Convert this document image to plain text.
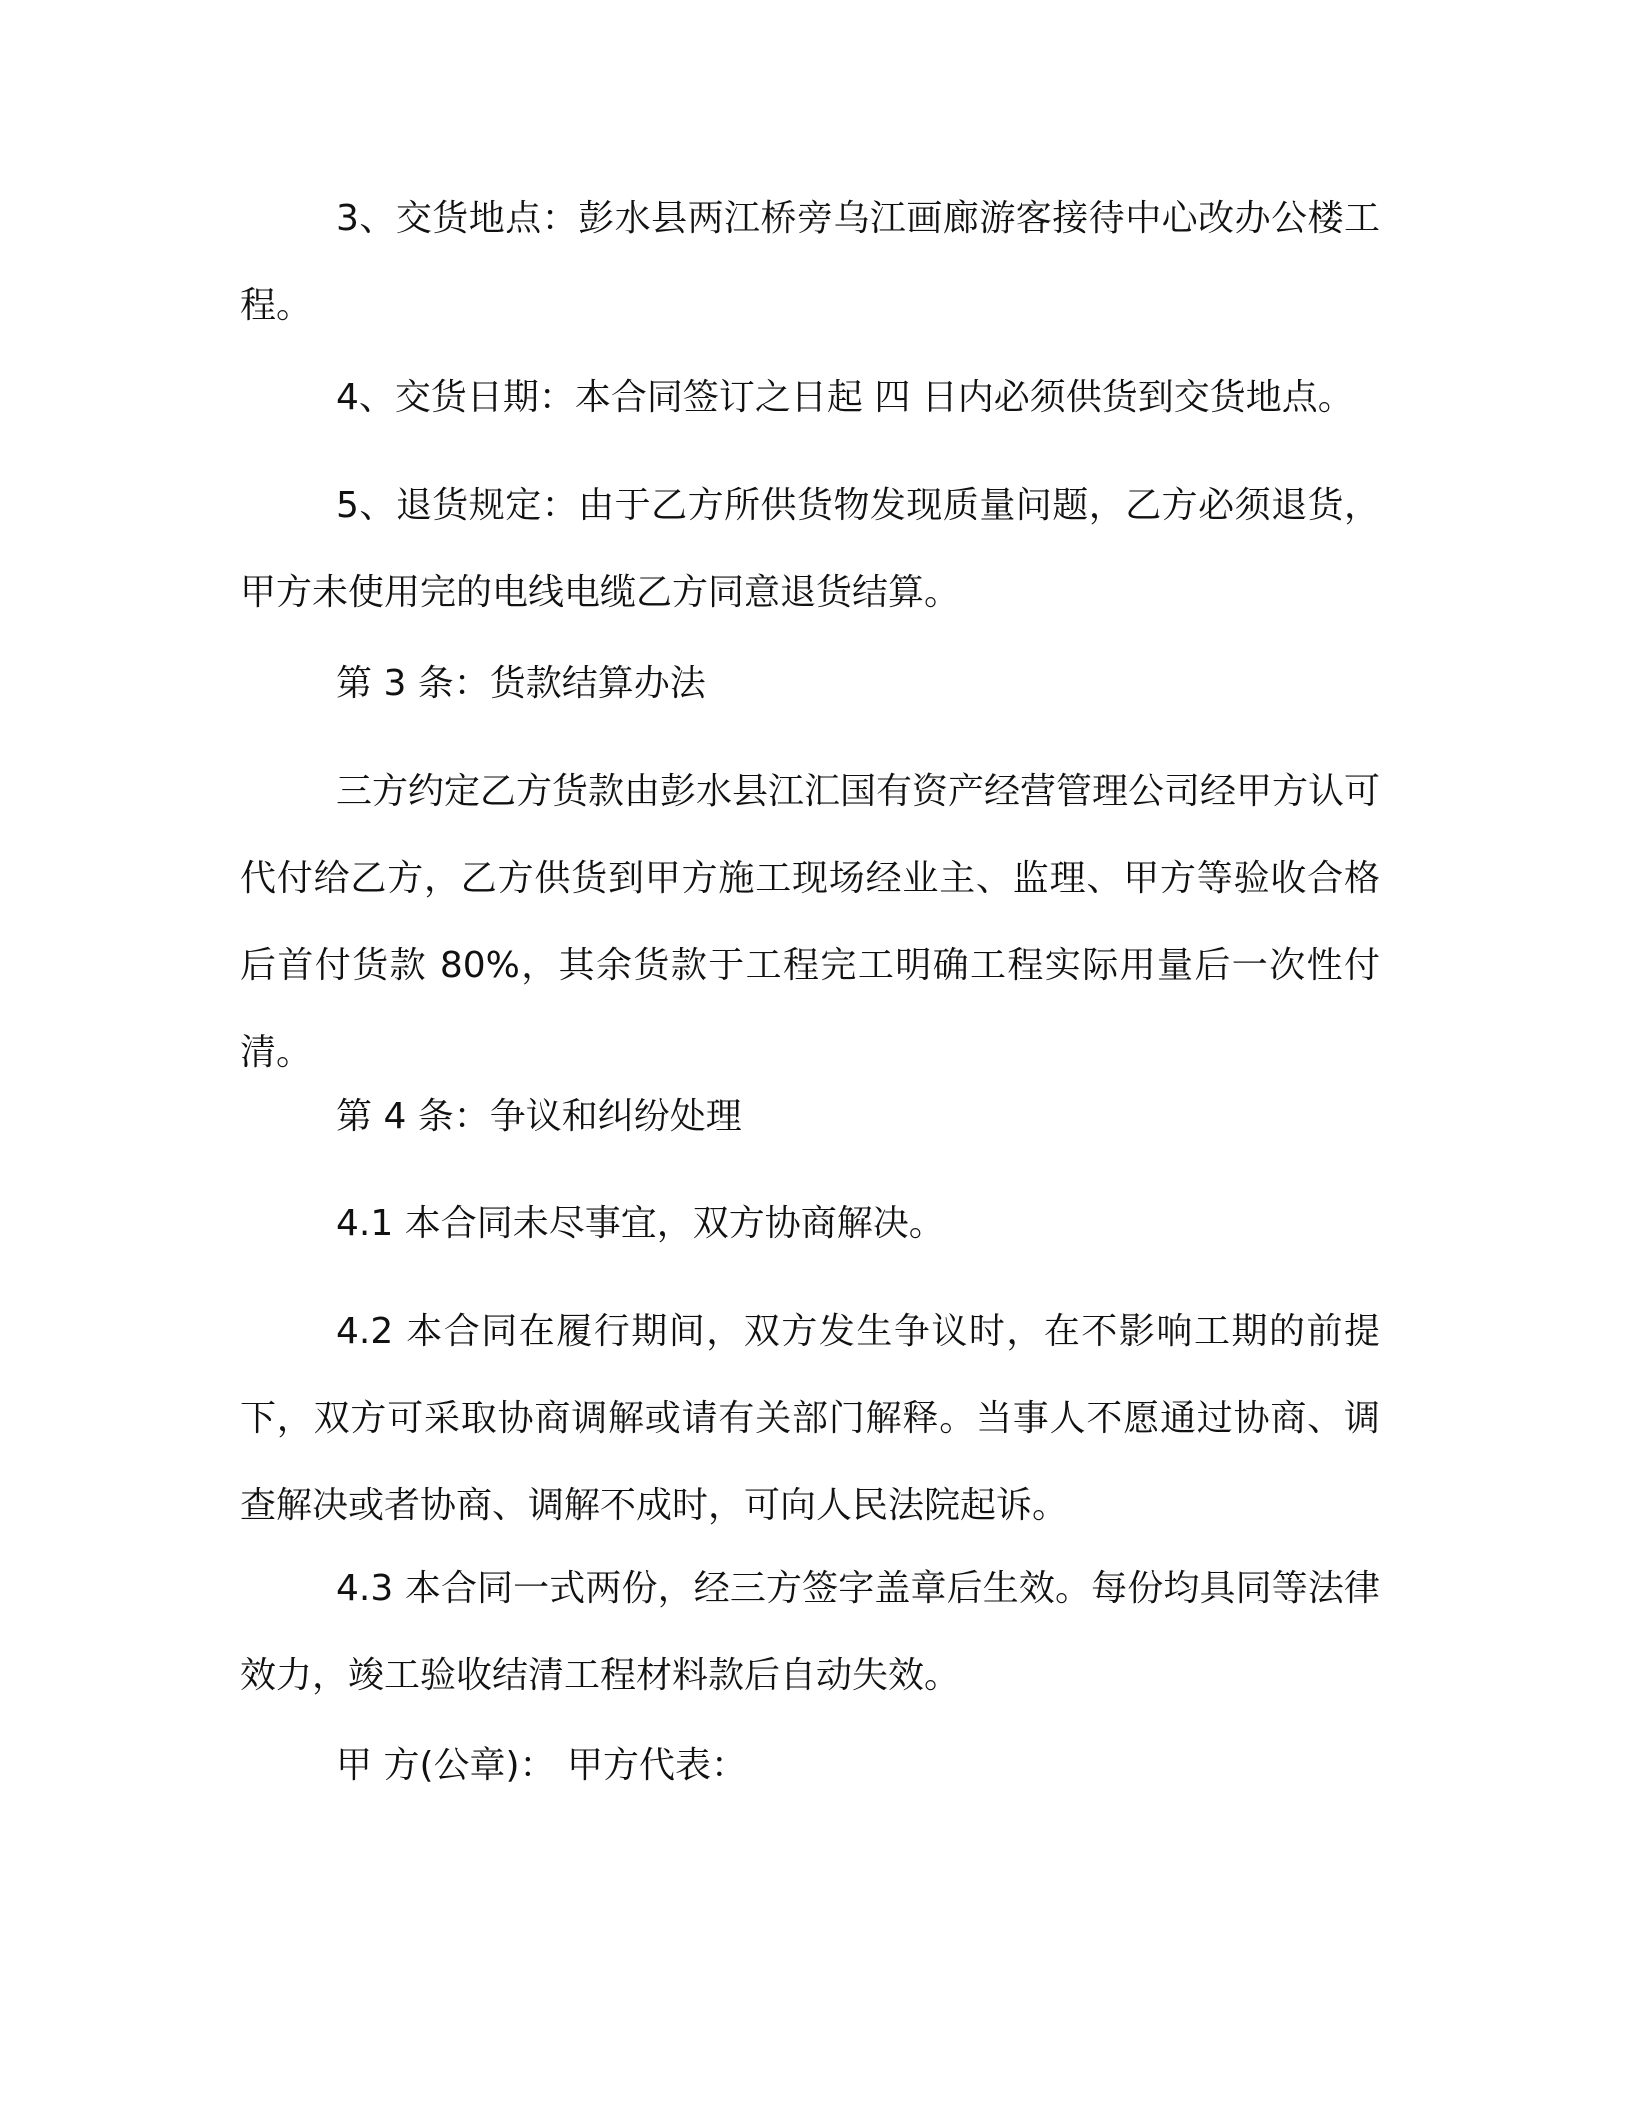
3、交货地点：彭水县两江桥旁乌江画廊游客接待中心改办公楼工程。

4、交货日期：本合同签订之日起 四 日内必须供货到交货地点。

5、退货规定：由于乙方所供货物发现质量问题，乙方必须退货，甲方未使用完的电线电缆乙方同意退货结算。

第 3 条：货款结算办法

三方约定乙方货款由彭水县江汇国有资产经营管理公司经甲方认可代付给乙方，乙方供货到甲方施工现场经业主、监理、甲方等验收合格后首付货款 80%，其余货款于工程完工明确工程实际用量后一次性付清。

第 4 条：争议和纠纷处理

4.1 本合同未尽事宜，双方协商解决。

4.2 本合同在履行期间，双方发生争议时，在不影响工期的前提下，双方可采取协商调解或请有关部门解释。当事人不愿通过协商、调查解决或者协商、调解不成时，可向人民法院起诉。

4.3 本合同一式两份，经三方签字盖章后生效。每份均具同等法律效力，竣工验收结清工程材料款后自动失效。

甲 方(公章)： 甲方代表：
